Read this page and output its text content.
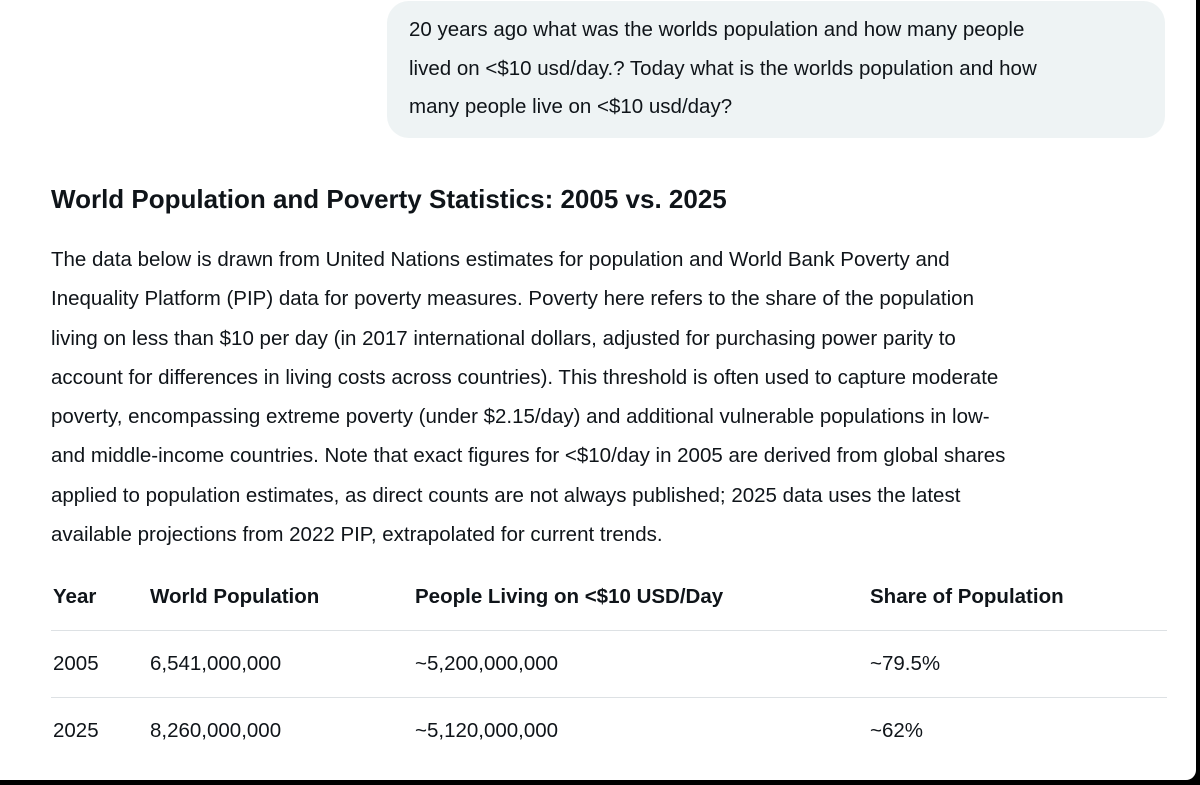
20 years ago what was the worlds population and how many people

lived on <$10 usd/day.? Today what is the worlds population and how

many people live on <$10 usd/day?

World Population and Poverty Statistics: 2005 vs. 2025
The data below is drawn from United Nations estimates for population and World Bank Poverty and
Inequality Platform (PIP) data for poverty measures. Poverty here refers to the share of the population
living on less than $10 per day (in 2017 international dollars, adjusted for purchasing power parity to
account for differences in living costs across countries). This threshold is often used to capture moderate
poverty, encompassing extreme poverty (under $2.15/day) and additional vulnerable populations in low-
and middle-income countries. Note that exact figures for <$10/day in 2005 are derived from global shares
applied to population estimates, as direct counts are not always published; 2025 data uses the latest
available projections from 2022 PIP, extrapolated for current trends.
Year	World Population	People Living on <$10 USD/Day	Share of Population
2005	6,541,000,000	~5,200,000,000	~79.5%
2025	8,260,000,000	~5,120,000,000	~62%
